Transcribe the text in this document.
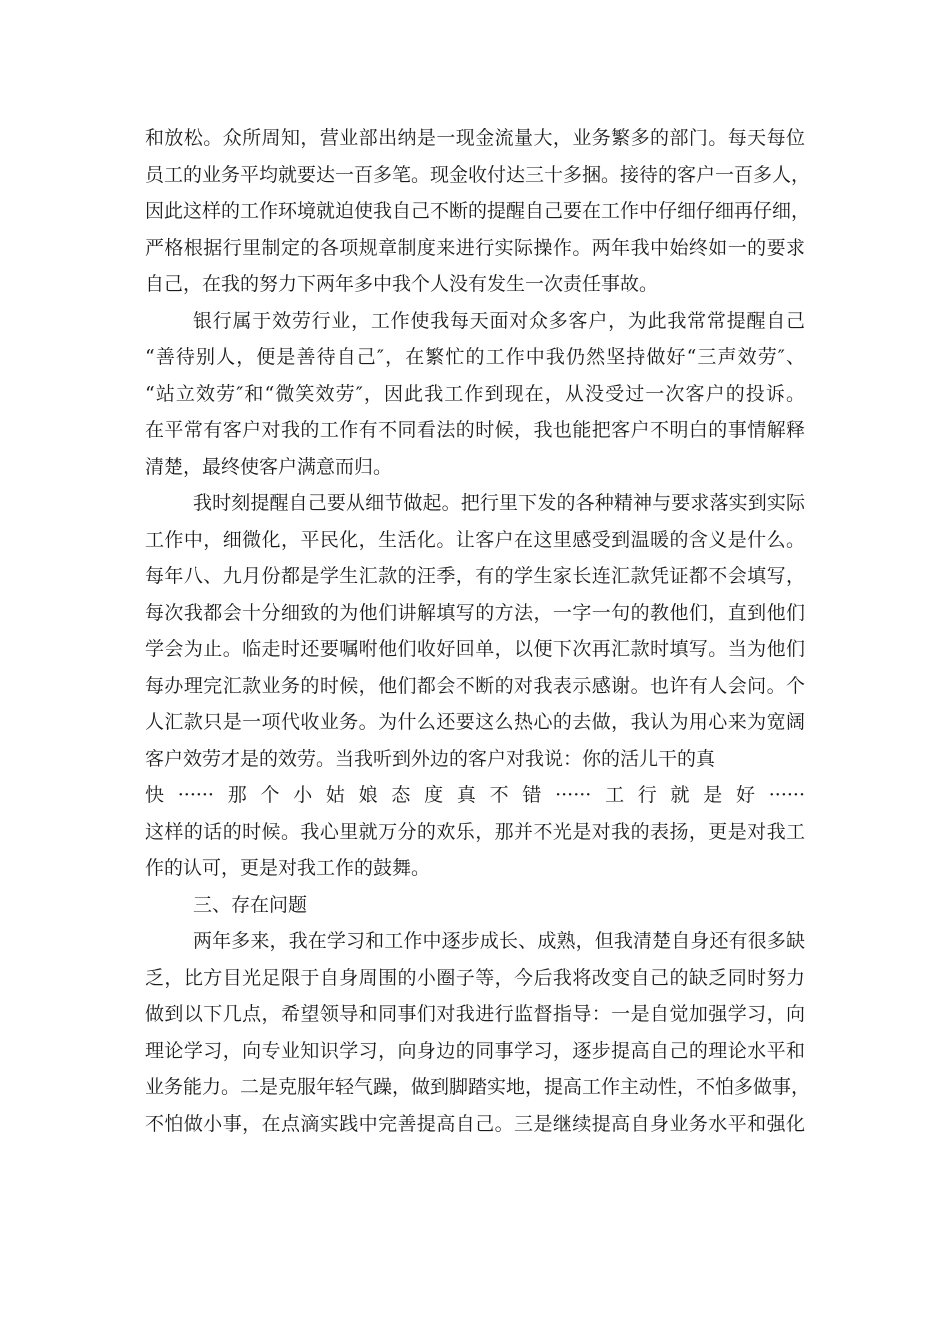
和放松。众所周知，营业部出纳是一现金流量大，业务繁多的部门。每天每位
员工的业务平均就要达一百多笔。现金收付达三十多捆。接待的客户一百多人，
因此这样的工作环境就迫使我自己不断的提醒自己要在工作中仔细仔细再仔细，
严格根据行里制定的各项规章制度来进行实际操作。两年我中始终如一的要求
自己，在我的努力下两年多中我个人没有发生一次责任事故。
银行属于效劳行业，工作使我每天面对众多客户，为此我常常提醒自己
“善待别人，便是善待自己″，在繁忙的工作中我仍然坚持做好“三声效劳″、
“站立效劳″和“微笑效劳″，因此我工作到现在，从没受过一次客户的投诉。
在平常有客户对我的工作有不同看法的时候，我也能把客户不明白的事情解释
清楚，最终使客户满意而归。
我时刻提醒自己要从细节做起。把行里下发的各种精神与要求落实到实际
工作中，细微化，平民化，生活化。让客户在这里感受到温暖的含义是什么。
每年八、九月份都是学生汇款的汪季，有的学生家长连汇款凭证都不会填写，
每次我都会十分细致的为他们讲解填写的方法，一字一句的教他们，直到他们
学会为止。临走时还要嘱咐他们收好回单，以便下次再汇款时填写。当为他们
每办理完汇款业务的时候，他们都会不断的对我表示感谢。也许有人会问。个
人汇款只是一项代收业务。为什么还要这么热心的去做，我认为用心来为宽阔
客户效劳才是的效劳。当我听到外边的客户对我说：你的活儿干的真
快······那个小姑娘态度真不错······工行就是好······
这样的话的时候。我心里就万分的欢乐，那并不光是对我的表扬，更是对我工
作的认可，更是对我工作的鼓舞。
三、存在问题
两年多来，我在学习和工作中逐步成长、成熟，但我清楚自身还有很多缺
乏，比方目光足限于自身周围的小圈子等，今后我将改变自己的缺乏同时努力
做到以下几点，希望领导和同事们对我进行监督指导：一是自觉加强学习，向
理论学习，向专业知识学习，向身边的同事学习，逐步提高自己的理论水平和
业务能力。二是克服年轻气躁，做到脚踏实地，提高工作主动性，不怕多做事，
不怕做小事，在点滴实践中完善提高自己。三是继续提高自身业务水平和强化
